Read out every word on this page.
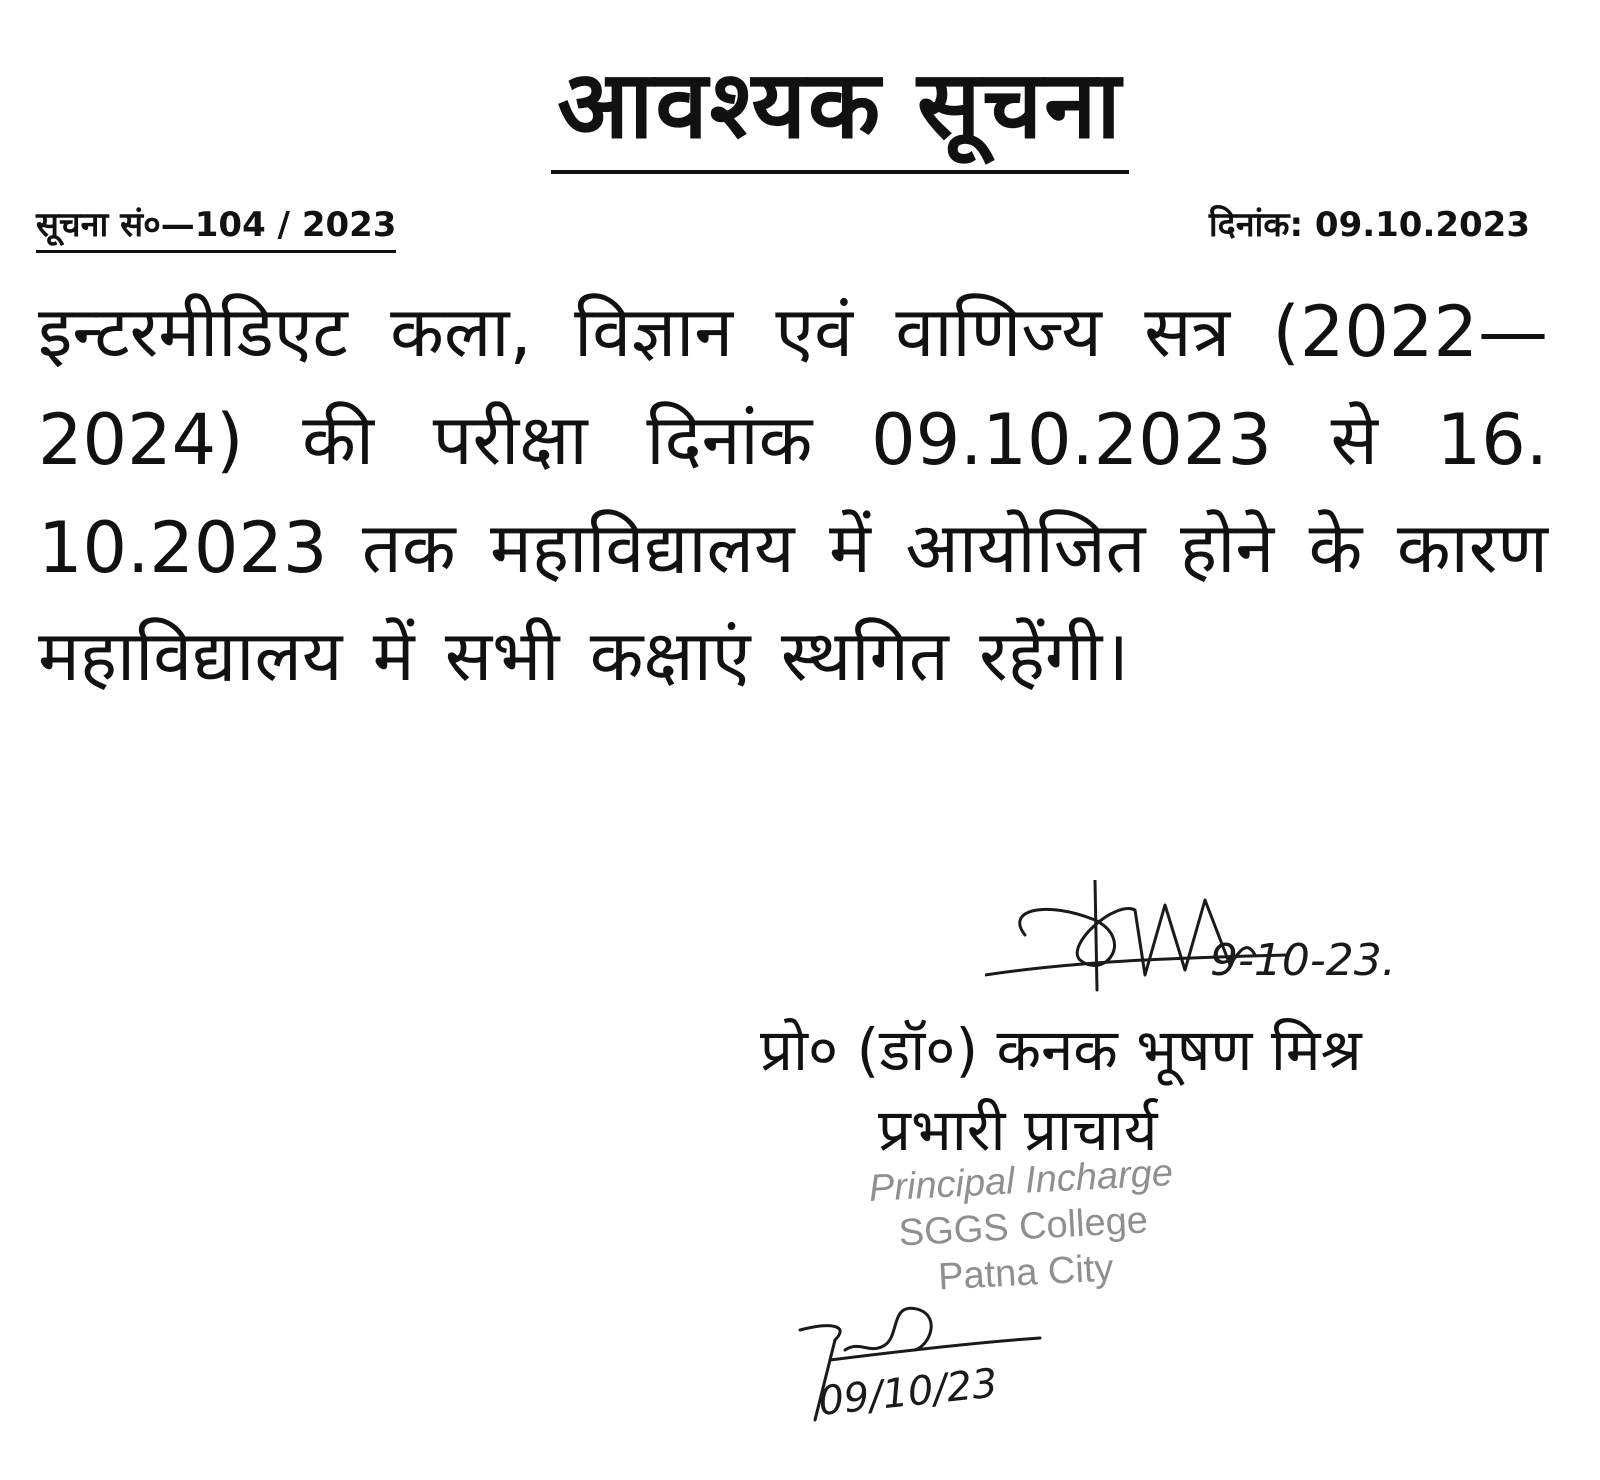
आवश्यक सूचना
सूचना सं०—104 / 2023	दिनांक: 09.10.2023
इन्टरमीडिएट कला, विज्ञान एवं वाणिज्य सत्र (2022—2024) की परीक्षा दिनांक 09.10.2023 से 16. 10.2023 तक महाविद्यालय में आयोजित होने के कारण महाविद्यालय में सभी कक्षाएं स्थगित रहेंगी।
9-10-23.
प्रो० (डॉ०) कनक भूषण मिश्र
प्रभारी प्राचार्य
Principal Incharge
SGGS College
Patna City
09/10/23
